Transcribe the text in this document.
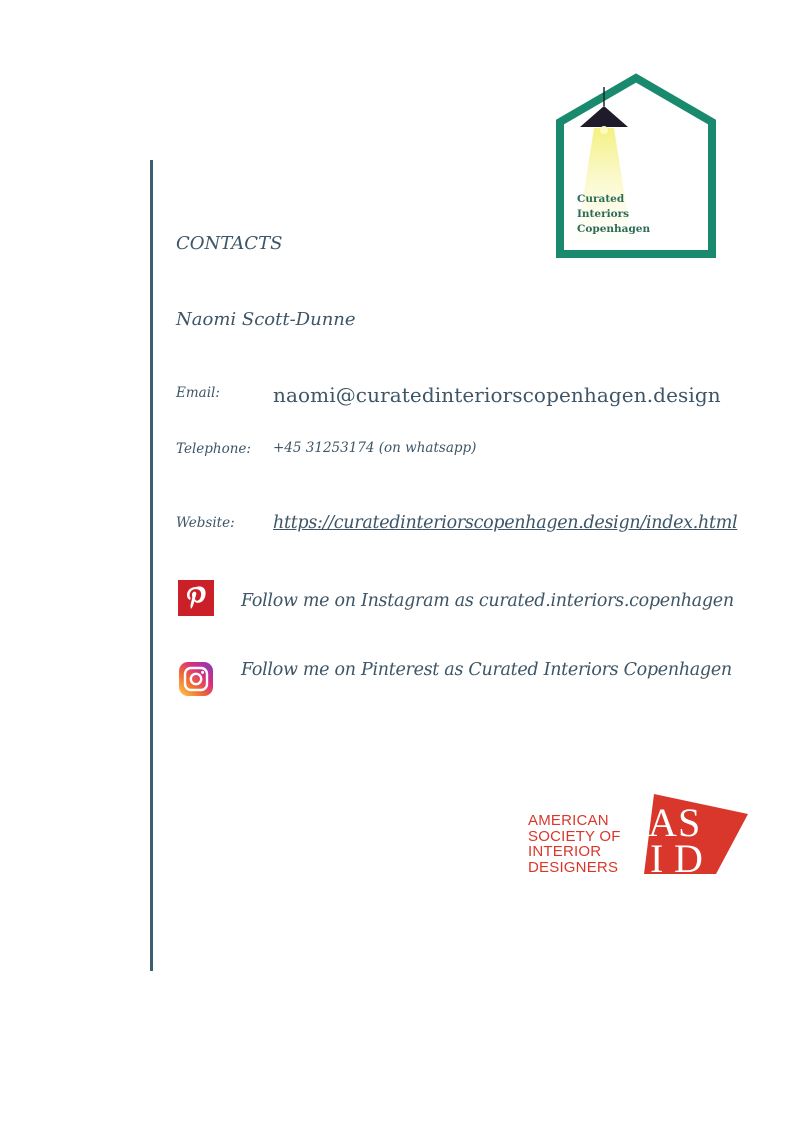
Curated
Interiors
Copenhagen
CONTACTS
Naomi Scott-Dunne
Email:	naomi@curatedinteriorscopenhagen.design
Telephone: +45 31253174 (on whatsapp)
Website: https://curatedinteriorscopenhagen.design/index.html
Follow me on Instagram as curated.interiors.copenhagen
Follow me on Pinterest as Curated Interiors Copenhagen
A S
I D
AMERICAN
SOCIETY OF
INTERIOR
DESIGNERS
